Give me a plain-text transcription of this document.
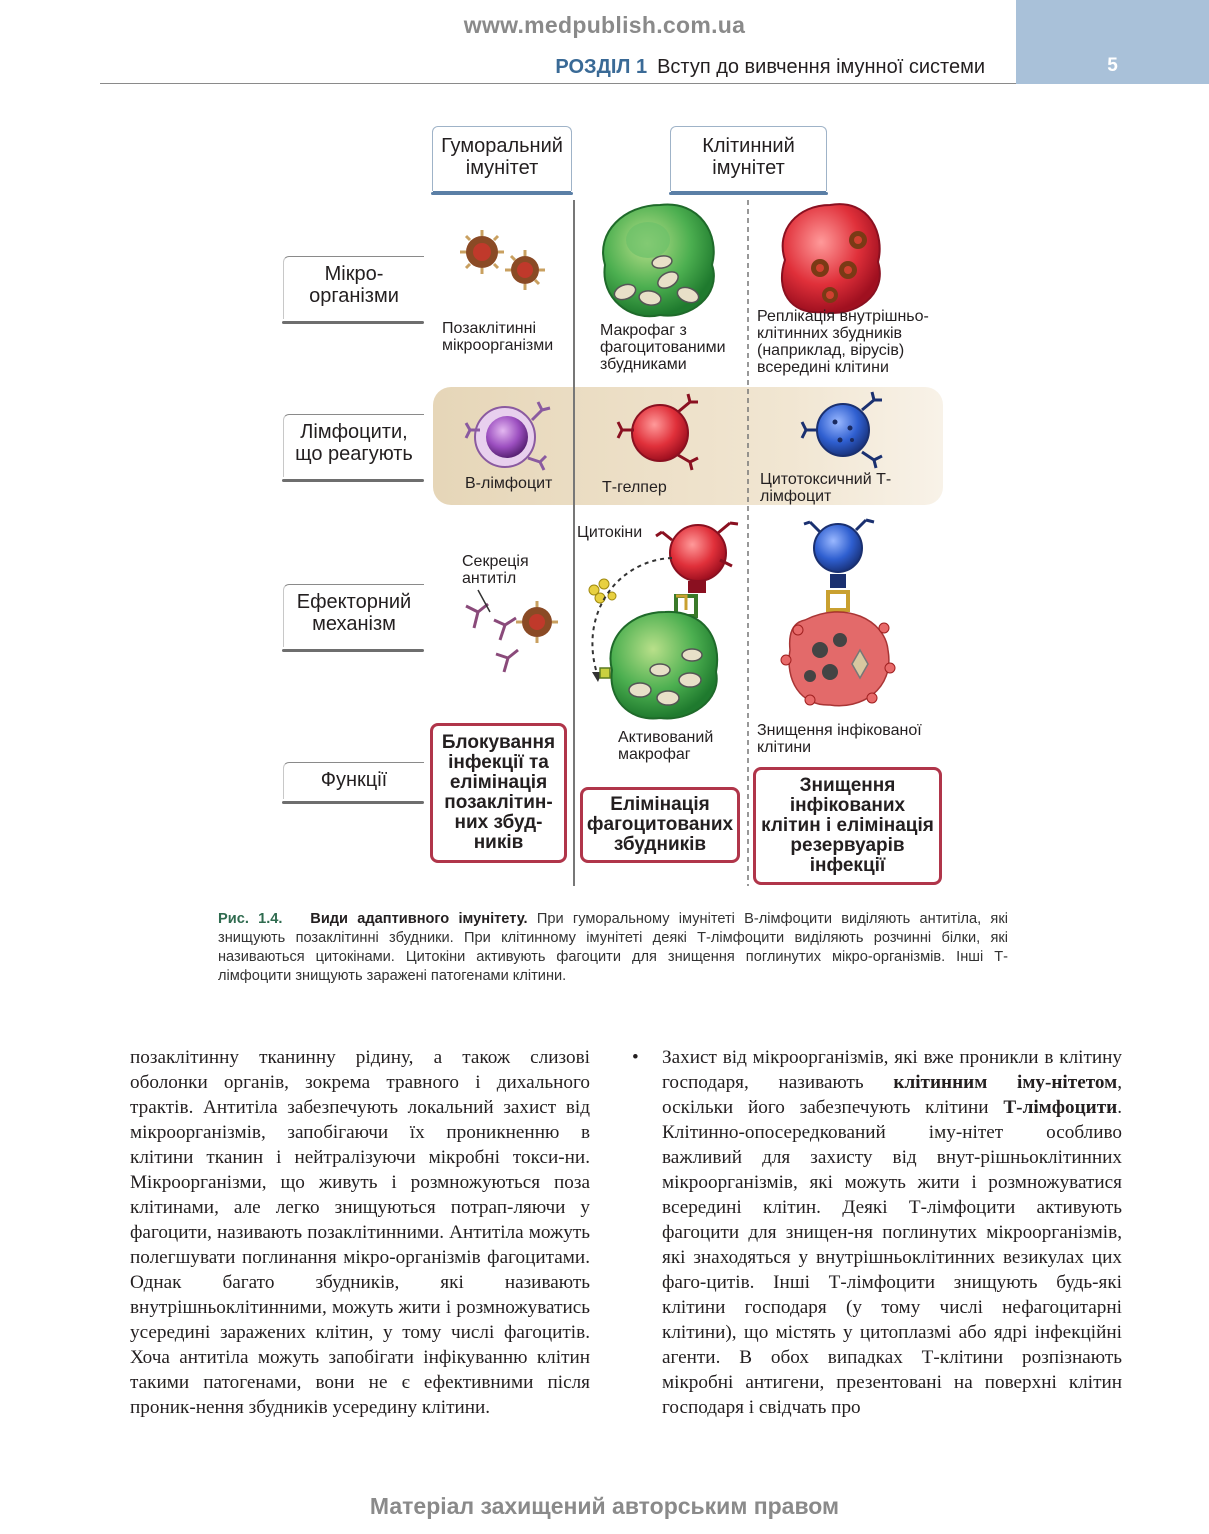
www.medpublish.com.ua
5
РОЗДІЛ 1 Вступ до вивчення імунної системи
Гуморальний імунітет
Клітинний імунітет
Мікро-організми
Лімфоцити, що реагують
Ефекторний механізм
Функції
Позаклітинні мікроорганізми
Макрофаг з фагоцитованими збудниками
Реплікація внутрішньо-клітинних збудників (наприклад, вірусів) всередині клітини
В-лімфоцит	Т-гелпер	Цитотоксичний Т-лімфоцит
Секреція антитіл
Цитокіни
Активований макрофаг
Знищення інфікованої клітини
Блокування інфекції та елімінація позаклітин-них збуд-ників
Елімінація фагоцитованих збудників
Знищення інфікованих клітин і елімінація резервуарів інфекції
Рис. 1.4. Види адаптивного імунітету. При гуморальному імунітеті В-лімфоцити виділяють антитіла, які знищують позаклітинні збудники. При клітинному імунітеті деякі Т-лімфоцити виділяють розчинні білки, які називаються цитокінами. Цитокіни активують фагоцити для знищення поглинутих мікро-організмів. Інші Т-лімфоцити знищують заражені патогенами клітини.
позаклітинну тканинну рідину, а також слизові оболонки органів, зокрема травного і дихального трактів. Антитіла забезпечують локальний захист від мікроорганізмів, запобігаючи їх проникненню в клітини тканин і нейтралізуючи мікробні токси-ни. Мікроорганізми, що живуть і розмножуються поза клітинами, але легко знищуються потрап-ляючи у фагоцити, називають позаклітинними. Антитіла можуть полегшувати поглинання мікро-організмів фагоцитами. Однак багато збудників, які називають внутрішньоклітинними, можуть жити і розмножуватись усередині заражених клітин, у тому числі фагоцитів. Хоча антитіла можуть запобігати інфікуванню клітин такими патогенами, вони не є ефективними після проник-нення збудників усередину клітини.
• Захист від мікроорганізмів, які вже проникли в клітину господаря, називають клітинним іму-нітетом, оскільки його забезпечують клітини Т-лімфоцити. Клітинно-опосередкований іму-нітет особливо важливий для захисту від внут-рішньоклітинних мікроорганізмів, які можуть жити і розмножуватися всередині клітин. Деякі Т-лімфоцити активують фагоцити для знищен-ня поглинутих мікроорганізмів, які знаходяться у внутрішньоклітинних везикулах цих фаго-цитів. Інші Т-лімфоцити знищують будь-які клітини господаря (у тому числі нефагоцитарні клітини), що містять у цитоплазмі або ядрі інфекційні агенти. В обох випадках Т-клітини розпізнають мікробні антигени, презентовані на поверхні клітин господаря і свідчать про
Матеріал захищений авторським правом
